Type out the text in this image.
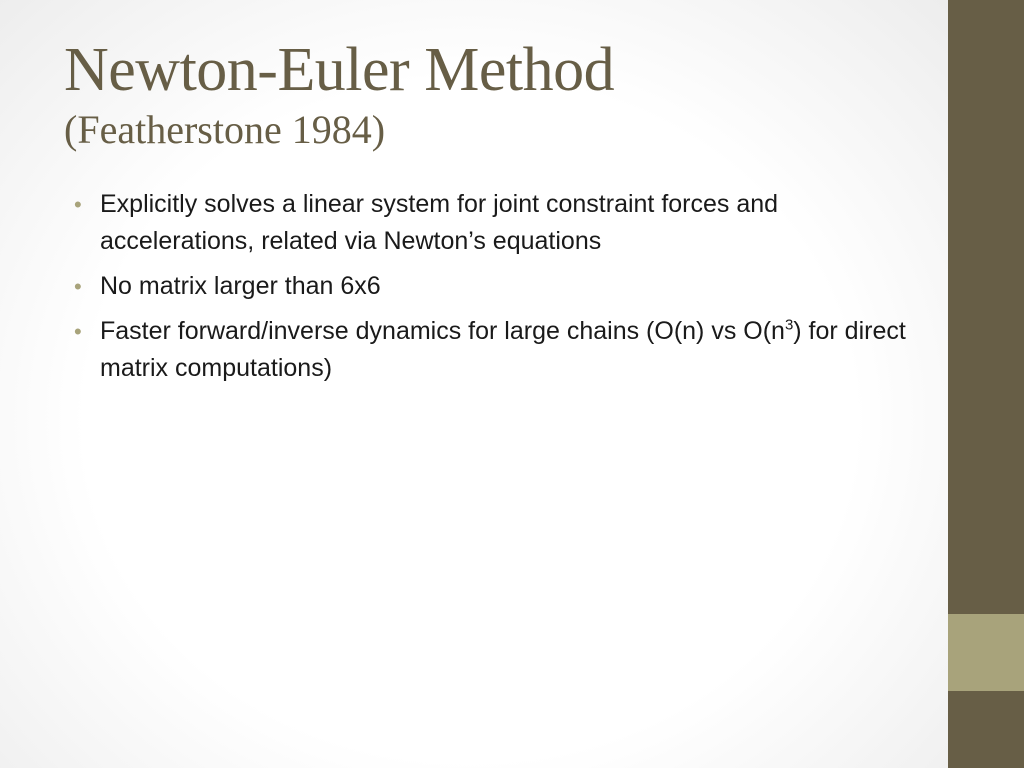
Newton-Euler Method
(Featherstone 1984)
• Explicitly solves a linear system for joint constraint forces and accelerations, related via Newton’s equations
• No matrix larger than 6x6
• Faster forward/inverse dynamics for large chains (O(n) vs $O(n^3)$ for direct matrix computations)
